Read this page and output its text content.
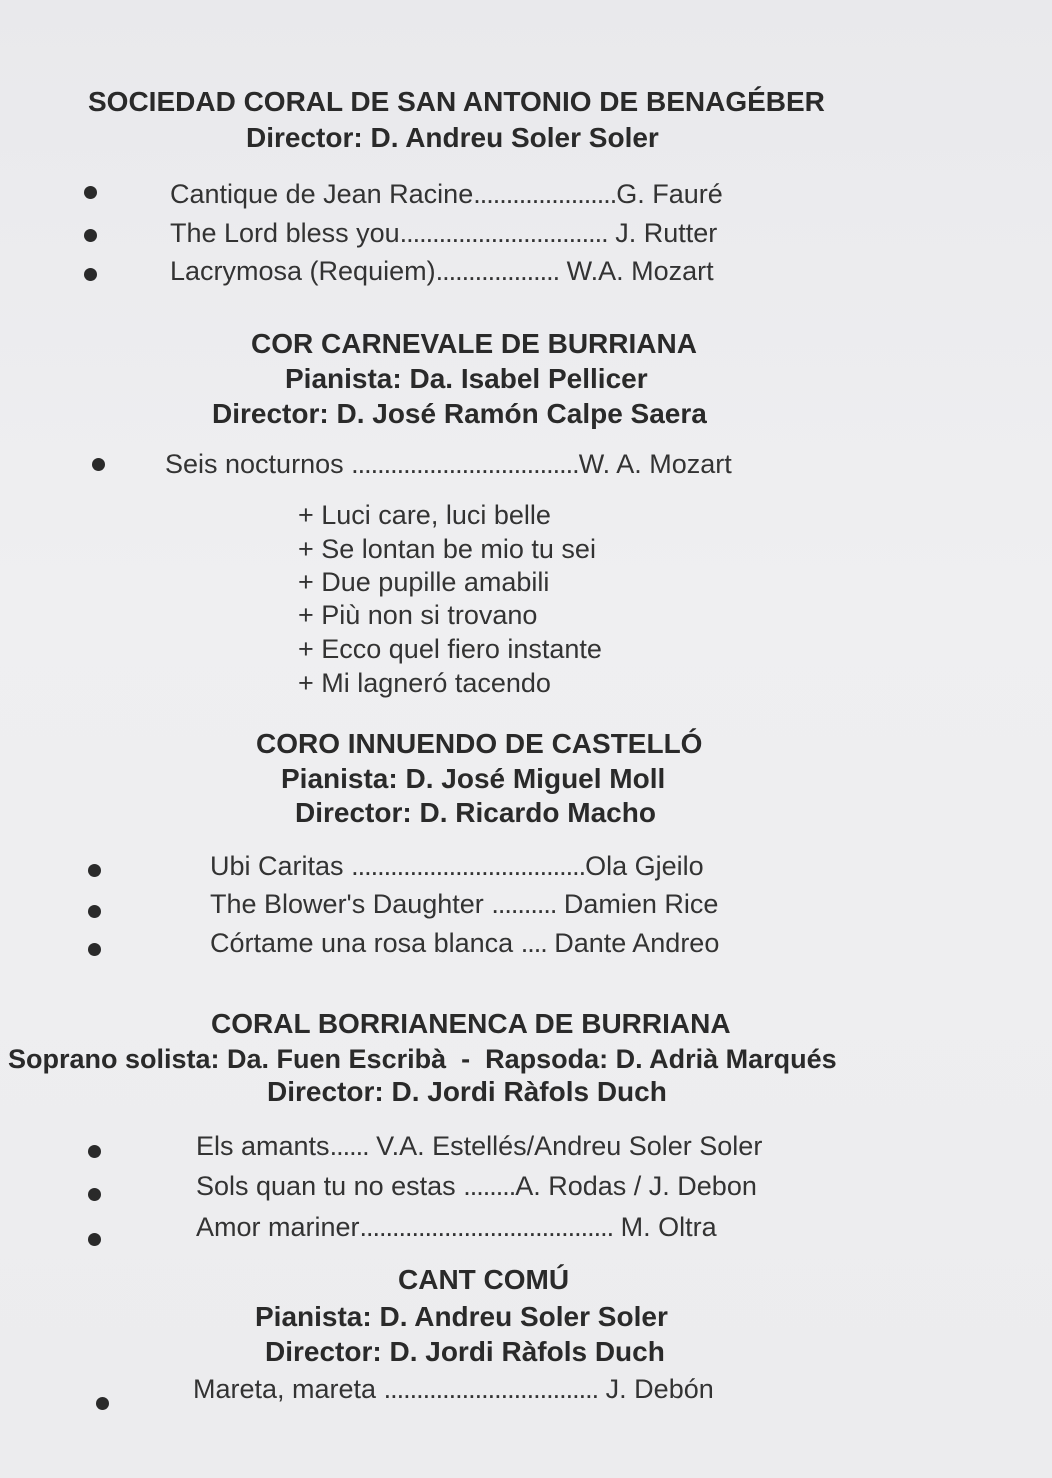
SOCIEDAD CORAL DE SAN ANTONIO DE BENAGÉBER
Director: D. Andreu Soler Soler
Cantique de Jean Racine......................G. Fauré
The Lord bless you................................ J. Rutter
Lacrymosa (Requiem)................... W.A. Mozart
COR CARNEVALE DE BURRIANA
Pianista: Da. Isabel Pellicer
Director: D. José Ramón Calpe Saera
Seis nocturnos ...................................W. A. Mozart
+ Luci care, luci belle
+ Se lontan be mio tu sei
+ Due pupille amabili
+ Più non si trovano
+ Ecco quel fiero instante
+ Mi lagneró tacendo
CORO INNUENDO DE CASTELLÓ
Pianista: D. José Miguel Moll
Director: D. Ricardo Macho
Ubi Caritas ....................................Ola Gjeilo
The Blower's Daughter .......... Damien Rice
Córtame una rosa blanca .... Dante Andreo
CORAL BORRIANENCA DE BURRIANA
Soprano solista: Da. Fuen Escribà  -  Rapsoda: D. Adrià Marqués
Director: D. Jordi Ràfols Duch
Els amants...... V.A. Estellés/Andreu Soler Soler
Sols quan tu no estas ........A. Rodas / J. Debon
Amor mariner....................................... M. Oltra
CANT COMÚ
Pianista: D. Andreu Soler Soler
Director: D. Jordi Ràfols Duch
Mareta, mareta ................................. J. Debón
